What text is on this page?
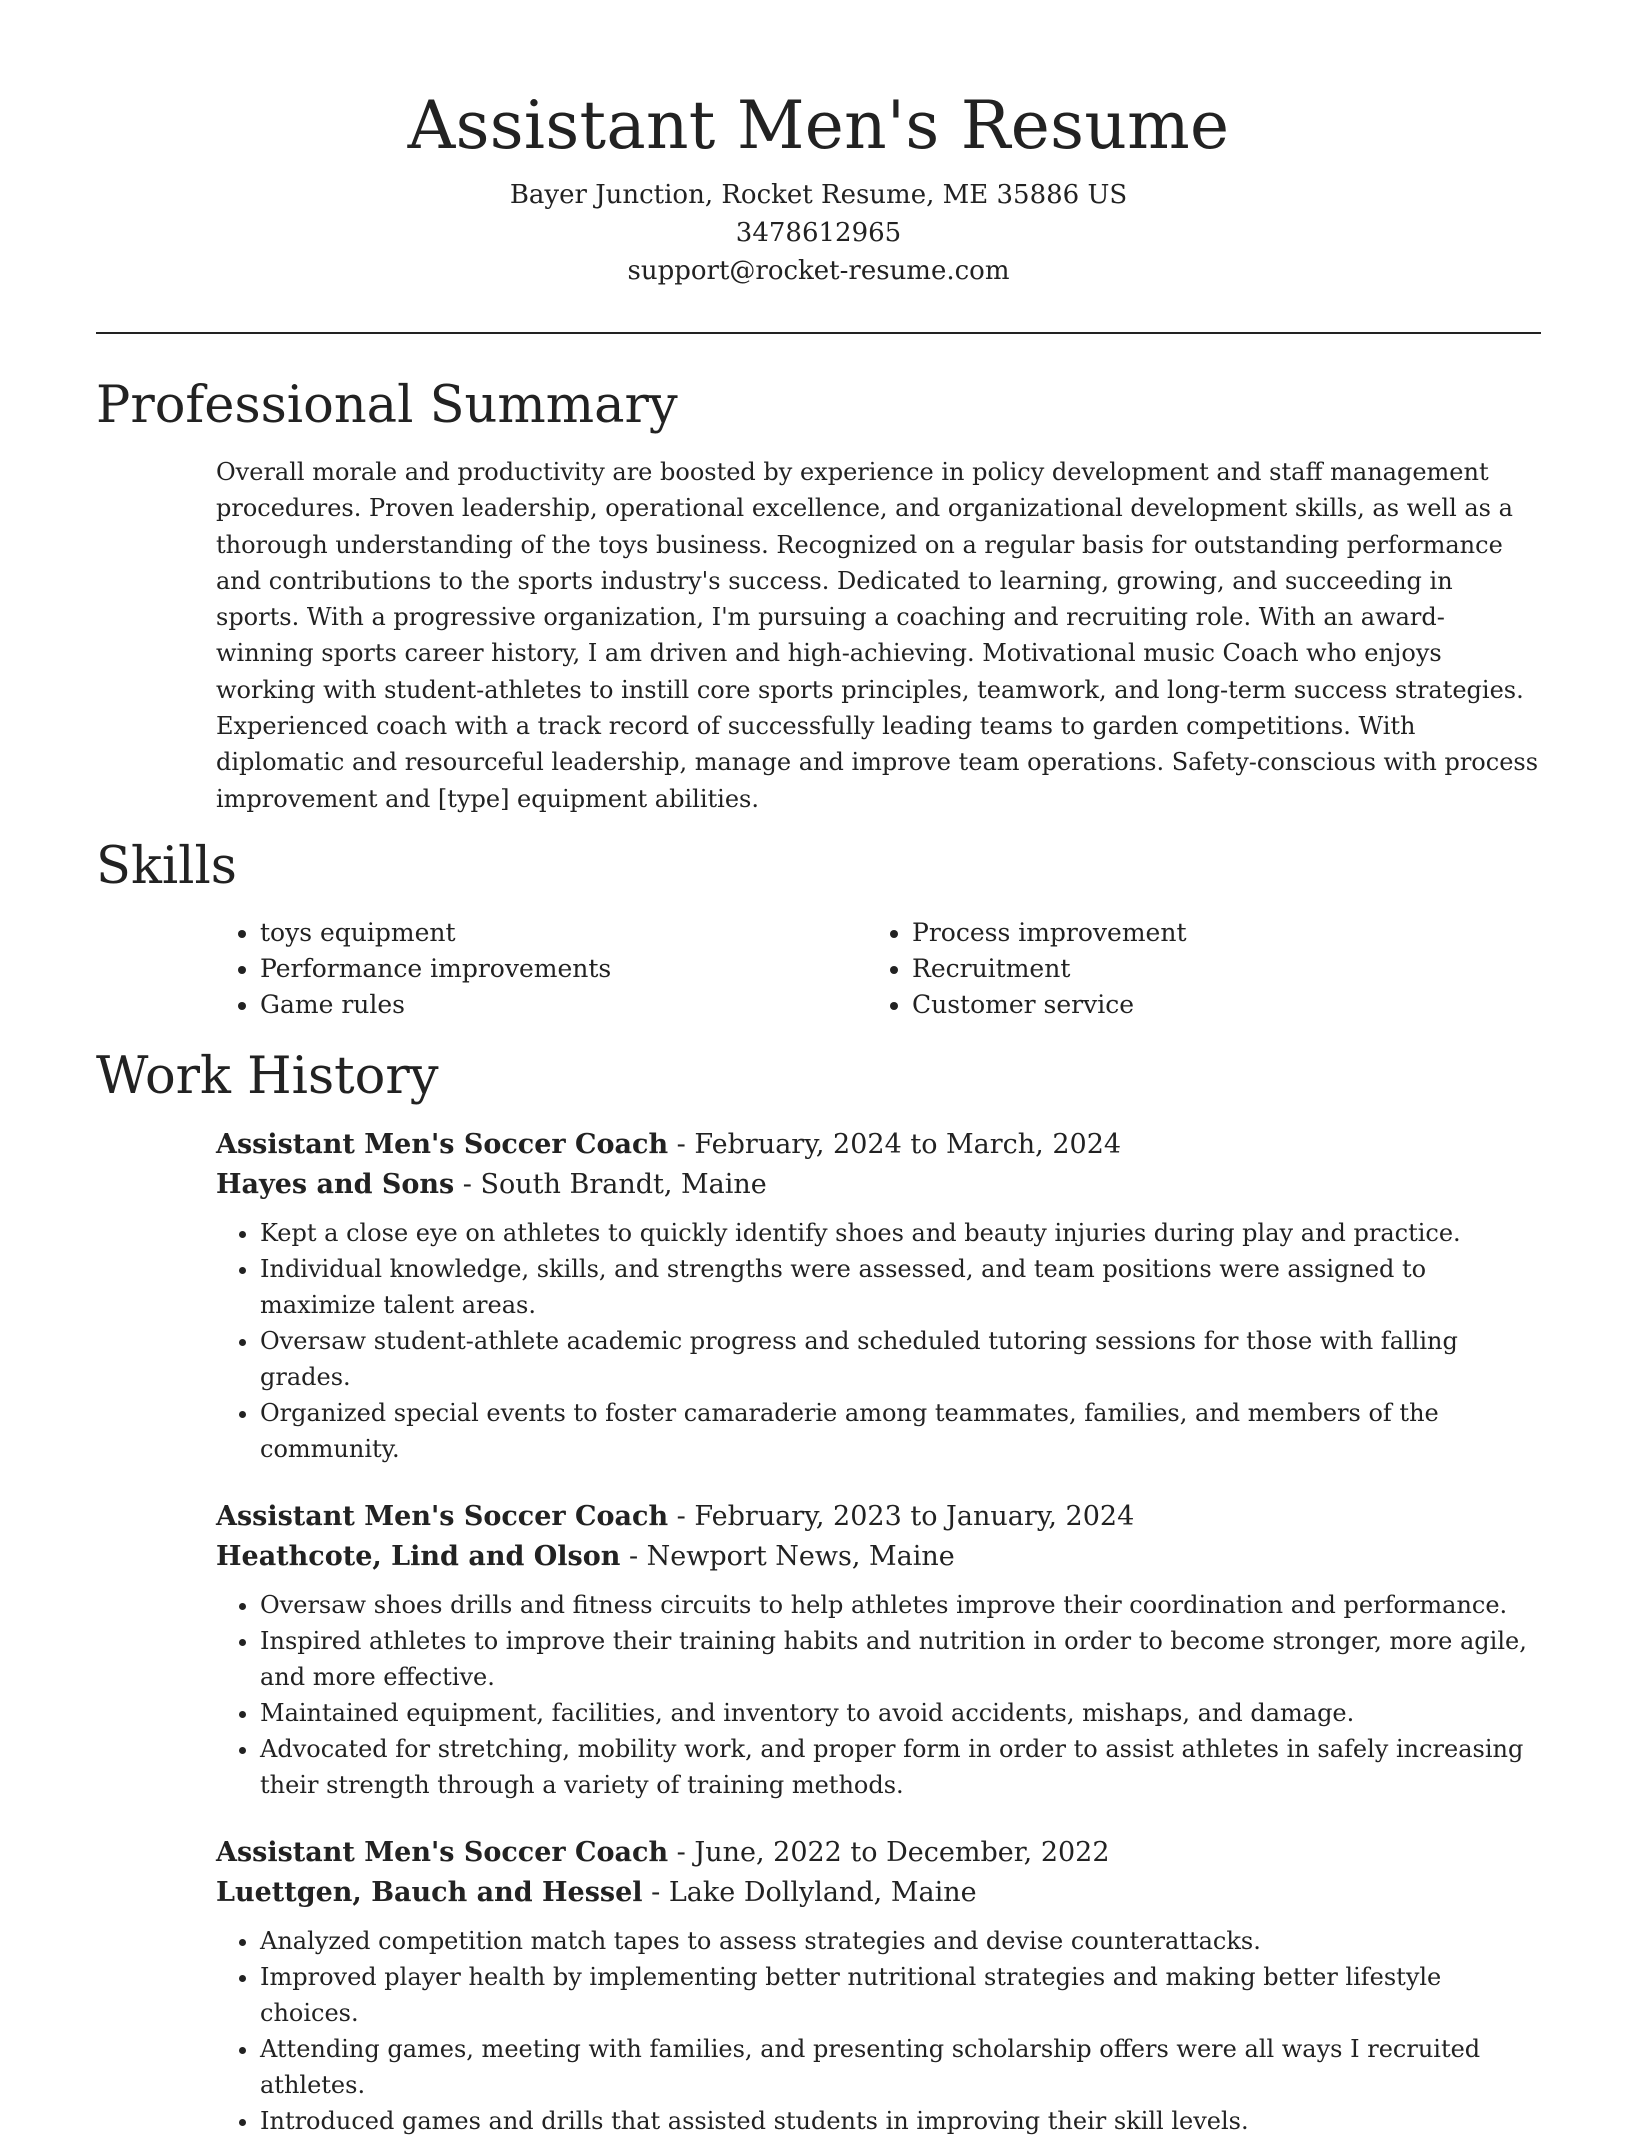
Assistant Men's Resume
Bayer Junction, Rocket Resume, ME 35886 US
3478612965
support@rocket-resume.com
Professional Summary

Overall morale and productivity are boosted by experience in policy development and staff management procedures. Proven leadership, operational excellence, and organizational development skills, as well as a thorough understanding of the toys business. Recognized on a regular basis for outstanding performance and contributions to the sports industry's success. Dedicated to learning, growing, and succeeding in sports. With a progressive organization, I'm pursuing a coaching and recruiting role. With an award-winning sports career history, I am driven and high-achieving. Motivational music Coach who enjoys working with student-athletes to instill core sports principles, teamwork, and long-term success strategies. Experienced coach with a track record of successfully leading teams to garden competitions. With diplomatic and resourceful leadership, manage and improve team operations. Safety-conscious with process improvement and [type] equipment abilities.

Skills
• toys equipment
• Performance improvements
• Game rules
• Process improvement
• Recruitment
• Customer service
Work History
Assistant Men's Soccer Coach - February, 2024 to March, 2024
Hayes and Sons - South Brandt, Maine
• Kept a close eye on athletes to quickly identify shoes and beauty injuries during play and practice.
• Individual knowledge, skills, and strengths were assessed, and team positions were assigned to maximize talent areas.
• Oversaw student-athlete academic progress and scheduled tutoring sessions for those with falling grades.
• Organized special events to foster camaraderie among teammates, families, and members of the community.
Assistant Men's Soccer Coach - February, 2023 to January, 2024
Heathcote, Lind and Olson - Newport News, Maine
• Oversaw shoes drills and fitness circuits to help athletes improve their coordination and performance.
• Inspired athletes to improve their training habits and nutrition in order to become stronger, more agile, and more effective.
• Maintained equipment, facilities, and inventory to avoid accidents, mishaps, and damage.
• Advocated for stretching, mobility work, and proper form in order to assist athletes in safely increasing their strength through a variety of training methods.
Assistant Men's Soccer Coach - June, 2022 to December, 2022
Luettgen, Bauch and Hessel - Lake Dollyland, Maine
• Analyzed competition match tapes to assess strategies and devise counterattacks.
• Improved player health by implementing better nutritional strategies and making better lifestyle choices.
• Attending games, meeting with families, and presenting scholarship offers were all ways I recruited athletes.
• Introduced games and drills that assisted students in improving their skill levels.
